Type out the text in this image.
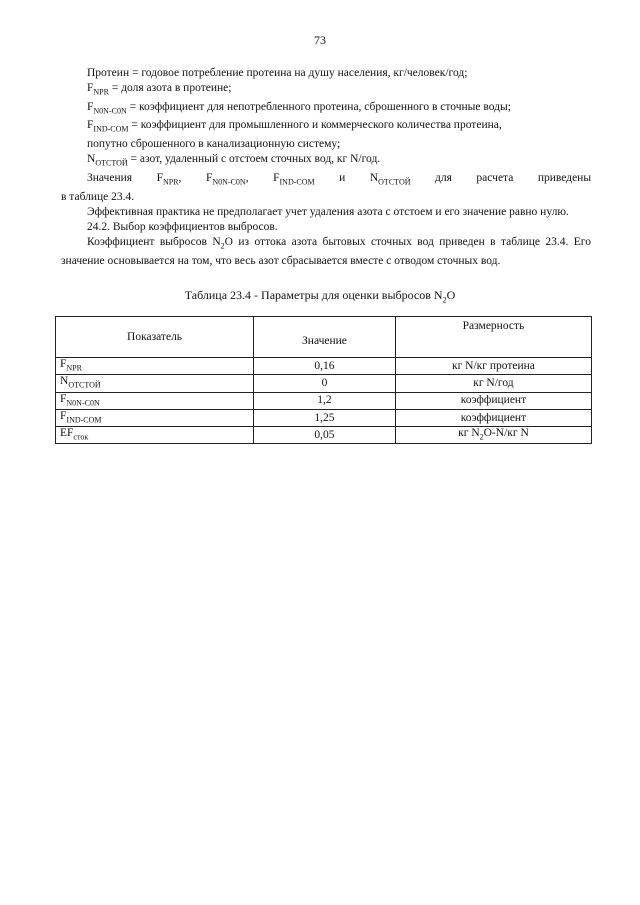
73

Протеин = годовое потребление протеина на душу населения, кг/человек/год;

$F_{NPR}$ = доля азота в протеине;

$F_{N0N-C0N}$ = коэффициент для непотребленного протеина, сброшенного в сточные воды;

$F_{IND-COM}$ = коэффициент для промышленного и коммерческого количества протеина,

попутно сброшенного в канализационную систему;

$N_{ОТСТОЙ}$ = азот, удаленный с отстоем сточных вод, кг N/год.

Значения $F_{NPR}$, $F_{N0N-C0N}$, $F_{IND-COM}$ и $N_{ОТСТОЙ}$ для расчета приведены

в таблице 23.4.

Эффективная практика не предполагает учет удаления азота с отстоем и его значение равно нулю.

24.2. Выбор коэффициентов выбросов.

Коэффициент выбросов $N_2O$ из оттока азота бытовых сточных вод приведен в таблице 23.4. Его значение основывается на том, что весь азот сбрасывается вместе с отводом сточных вод.

Таблица 23.4 - Параметры для оценки выбросов $N_2O$
Показатель	Значение	Размерность
$F_{NPR}$	0,16	кг N/кг протеина
$N_{ОТСТОЙ}$	0	кг N/год
$F_{N0N-C0N}$	1,2	коэффициент
$F_{IND-COM}$	1,25	коэффициент
$EF_{сток}$	0,05	кг $N_2O-N/кг$ N
